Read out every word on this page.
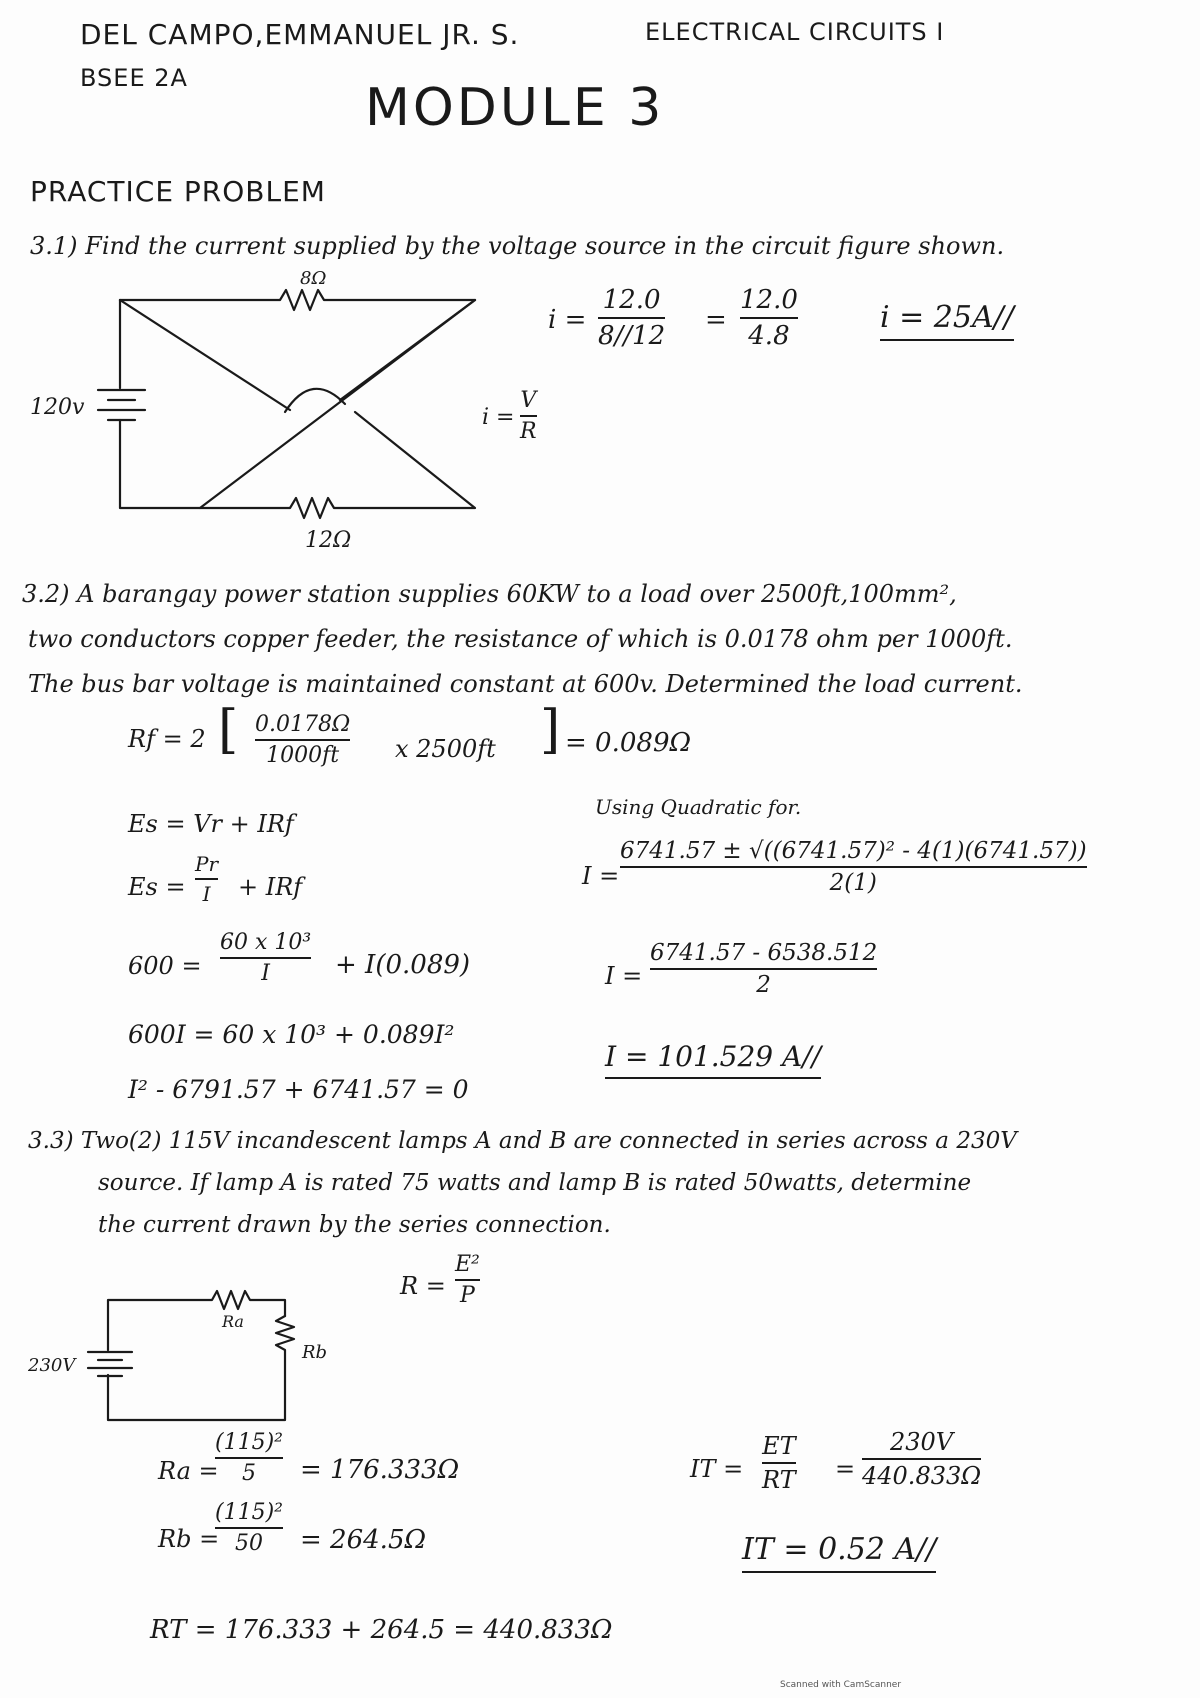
DEL CAMPO,EMMANUEL JR. S.
BSEE 2A
ELECTRICAL CIRCUITS I
MODULE 3
PRACTICE PROBLEM
3.1) Find the current supplied by the voltage source in the circuit figure shown.
8Ω
12Ω
120v	i =
V
R
i =
12.0
8//12
=
12.0
4.8
i = 25A//
3.2) A barangay power station supplies 60KW to a load over 2500ft,100mm²,
two conductors copper feeder, the resistance of which is 0.0178 ohm per 1000ft.
The bus bar voltage is maintained constant at 600v. Determined the load current.
Rf = 2 [ 0.0178Ω
1000ft x 2500ft ] = 0.089Ω
Es = Vr + IRf
Es =
Pr
I + IRf
600 =
60 x 10³
I	+ I(0.089)
600I = 60 x 10³ + 0.089I²
I² - 6791.57 + 6741.57 = 0
Using Quadratic for.
I =
6741.57 ± √((6741.57)² - 4(1)(6741.57))
2(1)
I =
6741.57 - 6538.512
2
I = 101.529 A//
3.3) Two(2) 115V incandescent lamps A and B are connected in series across a 230V
source. If lamp A is rated 75 watts and lamp B is rated 50watts, determine
the current drawn by the series connection.
Ra
Rb
230V
R =
E²
P
Ra =
(115)²
5 = 176.333Ω
Rb =
(115)²
50 = 264.5Ω
RT = 176.333 + 264.5 = 440.833Ω
IT =
ET
RT =
230V
440.833Ω
IT = 0.52 A//
Scanned with CamScanner
